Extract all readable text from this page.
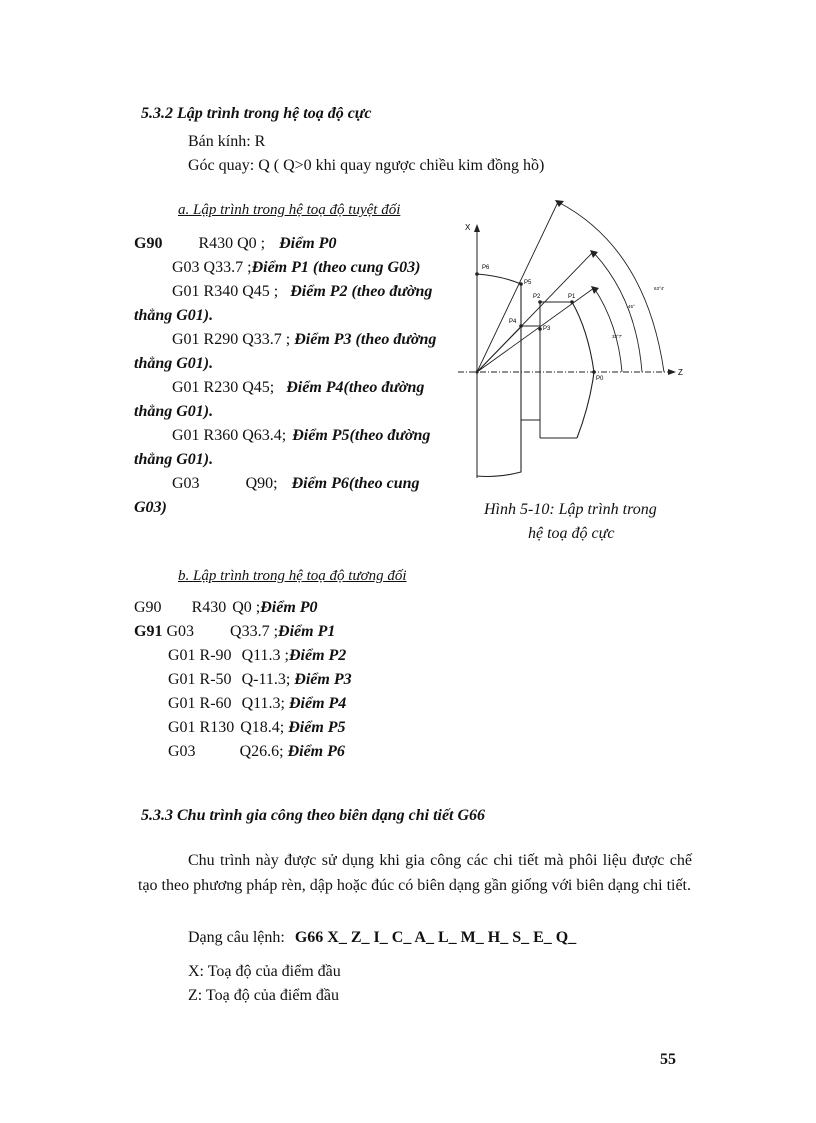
5.3.2 Lập trình trong hệ toạ độ cực
Bán kính: R
Góc quay: Q ( Q>0 khi quay ngược chiều kim đồng hồ)
a. Lập trình trong hệ toạ độ tuyệt đối
G90 R430 Q0 ; Điểm P0
G03 Q33.7 ;Điểm P1 (theo cung G03)
G01 R340 Q45 ; Điểm P2 (theo đường
thẳng G01).
G01 R290 Q33.7 ; Điểm P3 (theo đường
thẳng G01).
G01 R230 Q45; Điểm P4(theo đường
thẳng G01).
G01 R360 Q63.4; Điểm P5(theo đường
thẳng G01).
G03	Q90; Điểm P6(theo cung
G03)
X
Z
P0
P1
P2
P3
P4
P5
P6
63°4'
45°
33°7'
Hình 5-10: Lập trình trong
hệ toạ độ cực
b. Lập trình trong hệ toạ độ tương đối
G90 R430 Q0 ;Điểm P0
G91 G03 Q33.7 ;Điểm P1
G01 R-90 Q11.3 ;Điểm P2
G01 R-50 Q-11.3; Điểm P3
G01 R-60 Q11.3; Điểm P4
G01 R130 Q18.4; Điểm P5
G03	Q26.6; Điểm P6
5.3.3 Chu trình gia công theo biên dạng chi tiết G66
Chu trình này được sử dụng khi gia công các chi tiết mà phôi liệu được chế tạo theo phương pháp rèn, dập hoặc đúc có biên dạng gần giống với biên dạng chi tiết.
Dạng câu lệnh: G66 X_ Z_ I_ C_ A_ L_ M_ H_ S_ E_ Q_
X: Toạ độ của điểm đầu
Z: Toạ độ của điểm đầu
55
